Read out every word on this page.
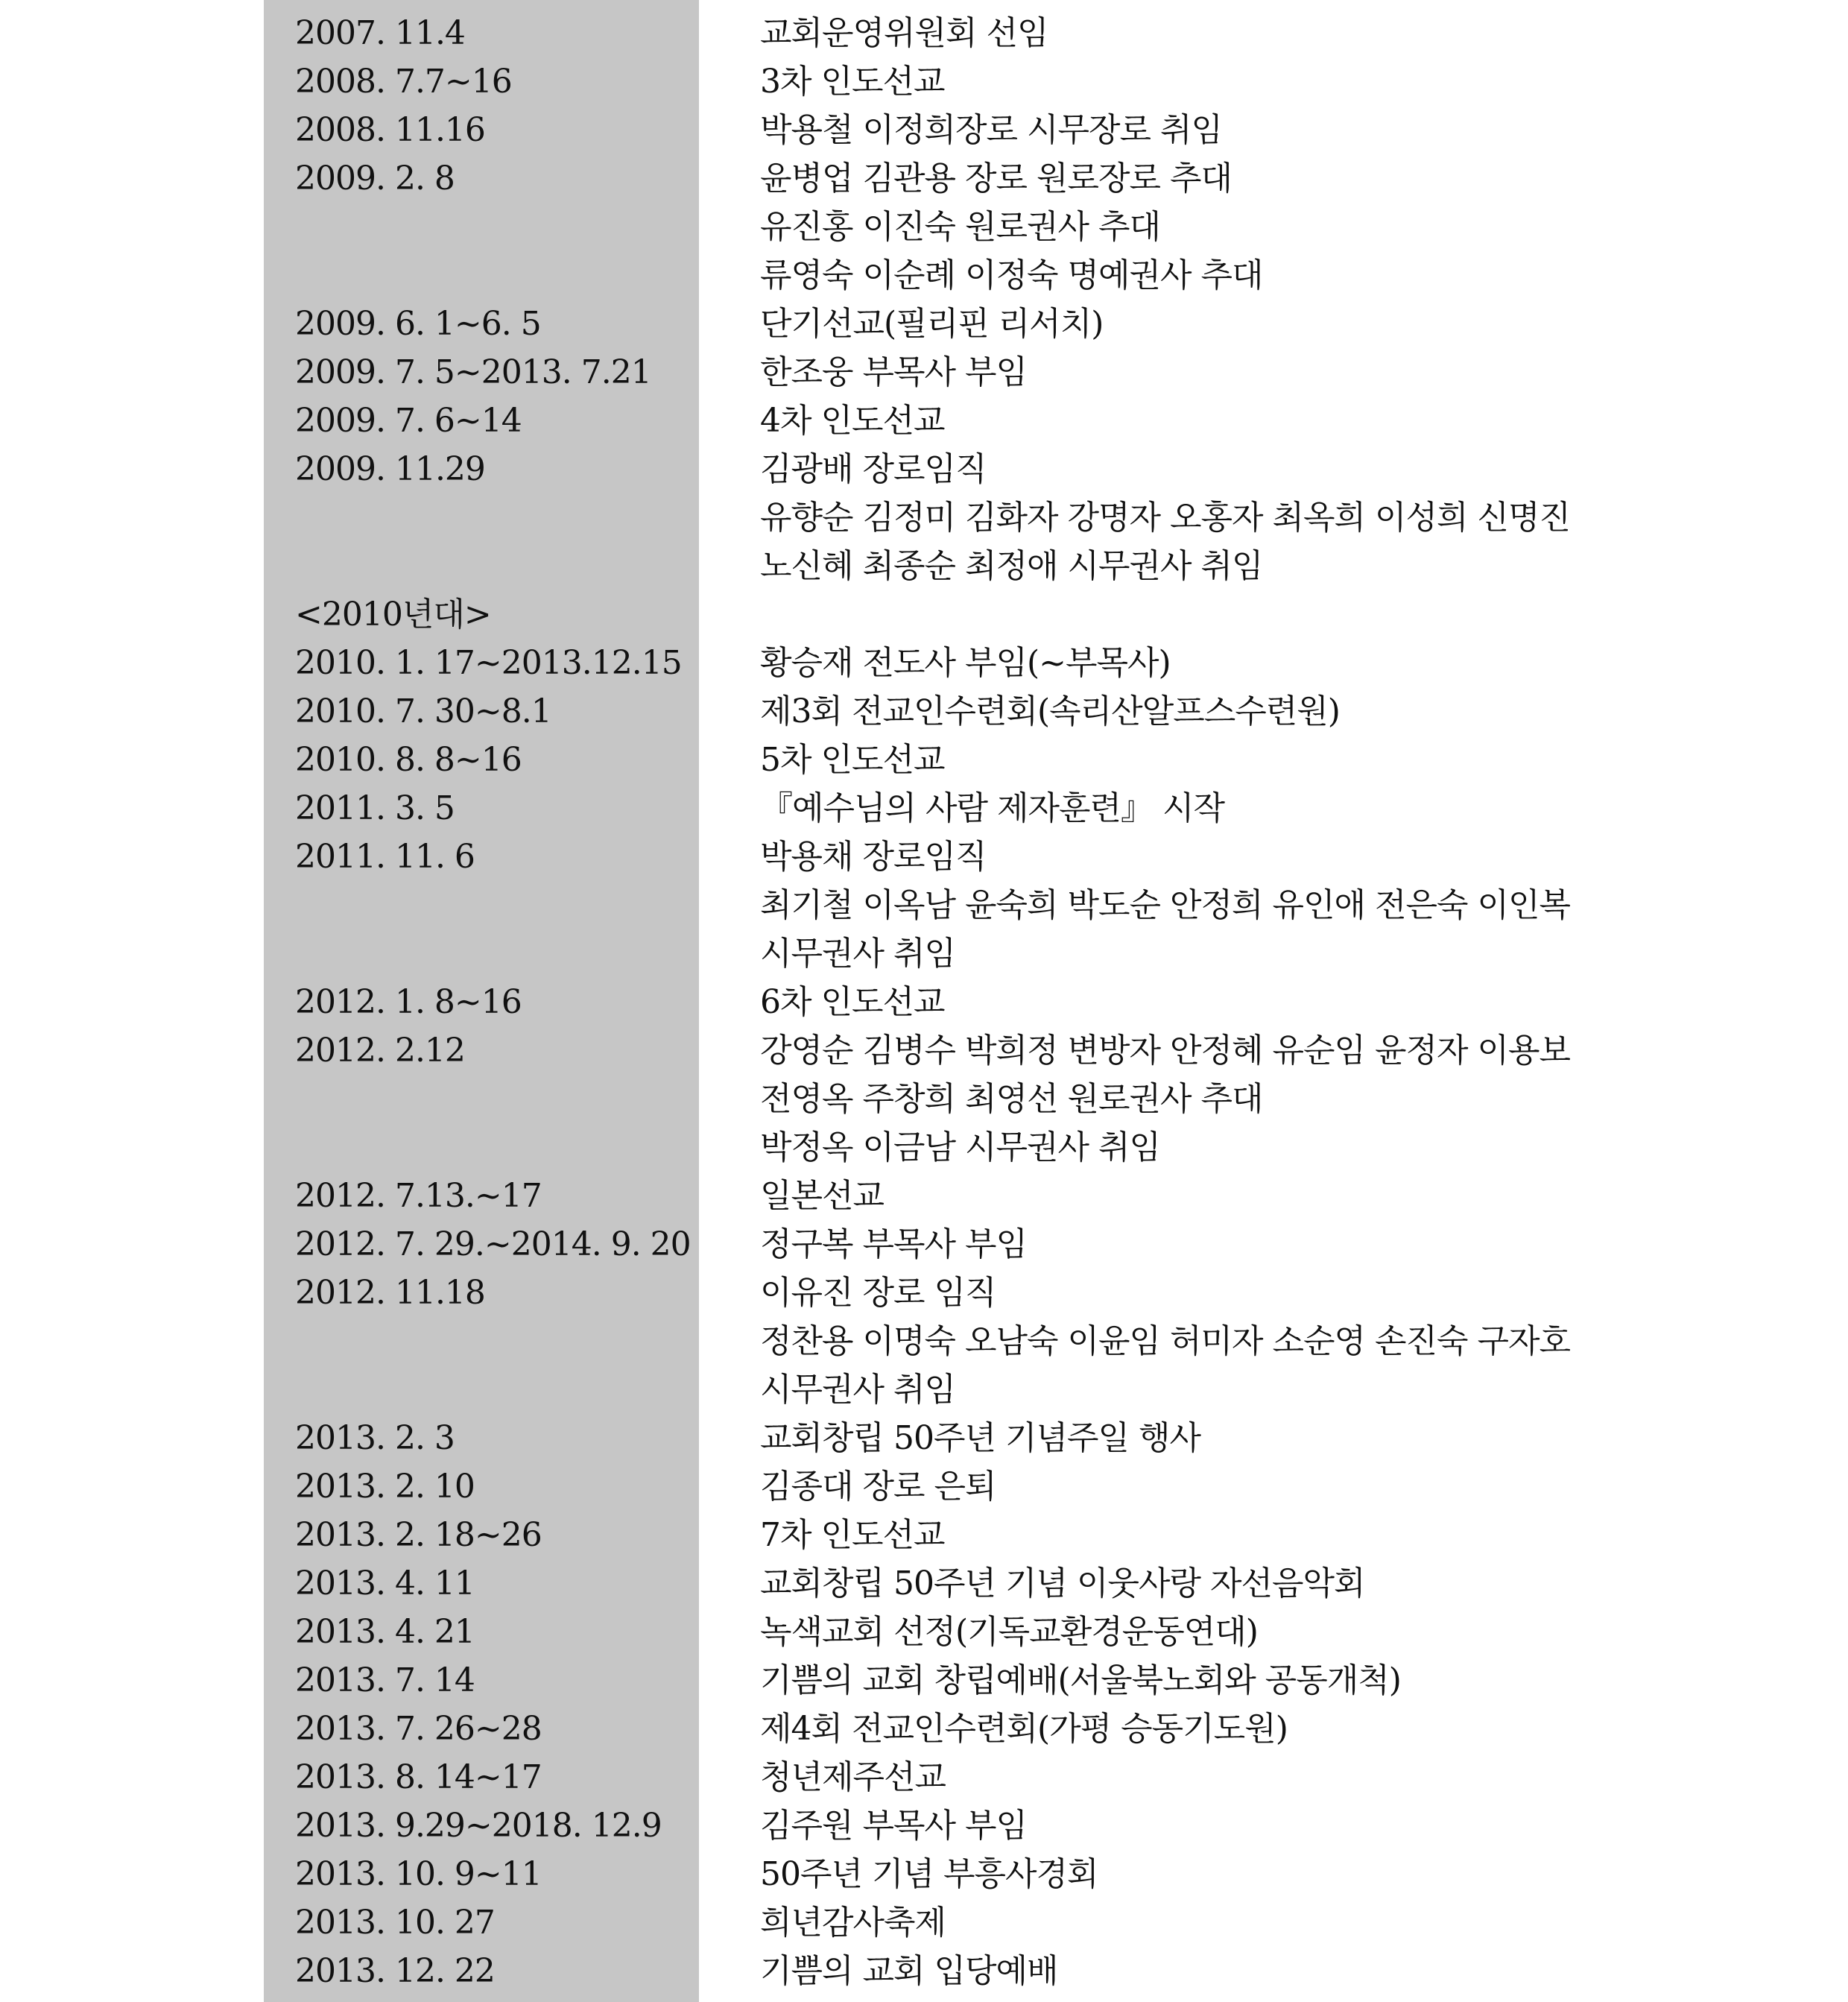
2007. 11.4	교회운영위원회 선임
2008. 7.7~16	3차 인도선교
2008. 11.16	박용철 이정희장로 시무장로 취임
2009. 2. 8	윤병업 김관용 장로 원로장로 추대
유진홍 이진숙 원로권사 추대
류영숙 이순례 이정숙 명예권사 추대
2009. 6. 1~6. 5	단기선교(필리핀 리서치)
2009. 7. 5~2013. 7.21	한조웅 부목사 부임
2009. 7. 6~14	4차 인도선교
2009. 11.29	김광배 장로임직
유향순 김정미 김화자 강명자 오홍자 최옥희 이성희 신명진
노신혜 최종순 최정애 시무권사 취임
<2010년대>
2010. 1. 17~2013.12.15	황승재 전도사 부임(~부목사)
2010. 7. 30~8.1	제3회 전교인수련회(속리산알프스수련원)
2010. 8. 8~16	5차 인도선교
2011. 3. 5	『예수님의 사람 제자훈련』 시작
2011. 11. 6	박용채 장로임직
최기철 이옥남 윤숙희 박도순 안정희 유인애 전은숙 이인복
시무권사 취임
2012. 1. 8~16	6차 인도선교
2012. 2.12	강영순 김병수 박희정 변방자 안정혜 유순임 윤정자 이용보
전영옥 주창희 최영선 원로권사 추대
박정옥 이금남 시무권사 취임
2012. 7.13.~17	일본선교
2012. 7. 29.~2014. 9. 20 정구복 부목사 부임
2012. 11.18	이유진 장로 임직
정찬용 이명숙 오남숙 이윤임 허미자 소순영 손진숙 구자호
시무권사 취임
2013. 2. 3	교회창립 50주년 기념주일 행사
2013. 2. 10	김종대 장로 은퇴
2013. 2. 18~26	7차 인도선교
2013. 4. 11	교회창립 50주년 기념 이웃사랑 자선음악회
2013. 4. 21	녹색교회 선정(기독교환경운동연대)
2013. 7. 14	기쁨의 교회 창립예배(서울북노회와 공동개척)
2013. 7. 26~28	제4회 전교인수련회(가평 승동기도원)
2013. 8. 14~17	청년제주선교
2013. 9.29~2018. 12.9	김주원 부목사 부임
2013. 10. 9~11	50주년 기념 부흥사경회
2013. 10. 27	희년감사축제
2013. 12. 22	기쁨의 교회 입당예배
